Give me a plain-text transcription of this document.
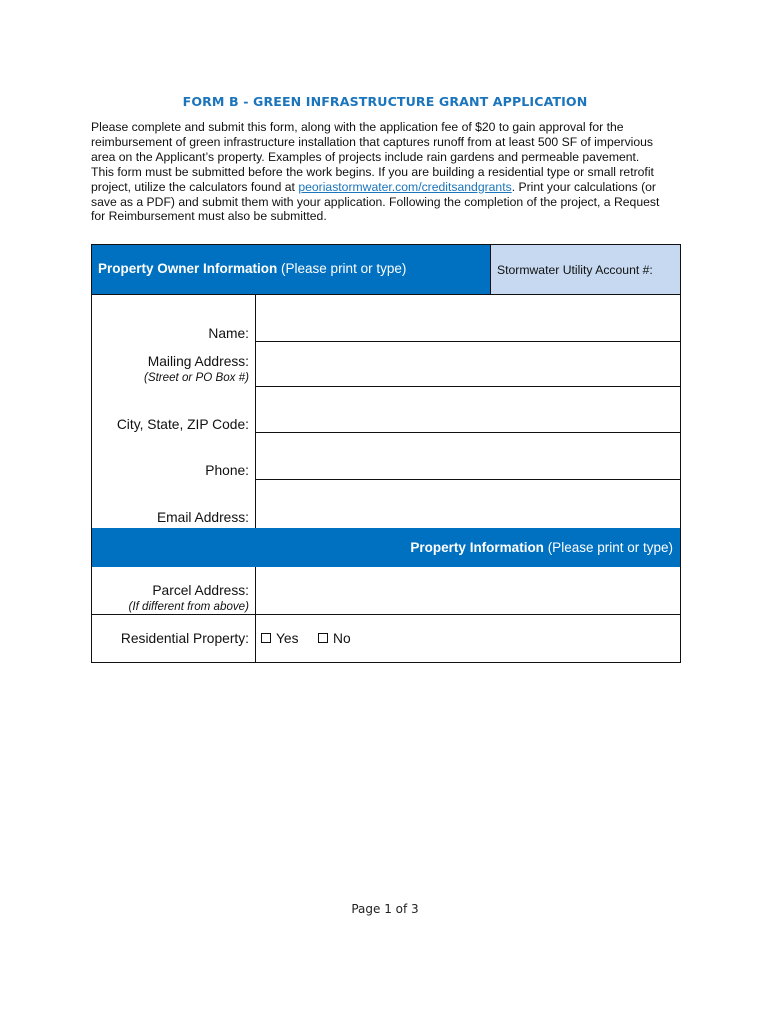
FORM B - GREEN INFRASTRUCTURE GRANT APPLICATION

Please complete and submit this form, along with the application fee of $20 to gain approval for the

reimbursement of green infrastructure installation that captures runoff from at least 500 SF of impervious

area on the Applicant’s property. Examples of projects include rain gardens and permeable pavement.

This form must be submitted before the work begins. If you are building a residential type or small retrofit

project, utilize the calculators found at peoriastormwater.com/creditsandgrants. Print your calculations (or

save as a PDF) and submit them with your application. Following the completion of the project, a Request

for Reimbursement must also be submitted.

Property Owner Information (Please print or type)	Stormwater Utility Account #:
Name:
Mailing Address:
(Street or PO Box #)
City, State, ZIP Code:
Phone:
Email Address:
Property Information (Please print or type)
Parcel Address:
(If different from above)
Residential Property:	Yes	No
Page 1 of 3
